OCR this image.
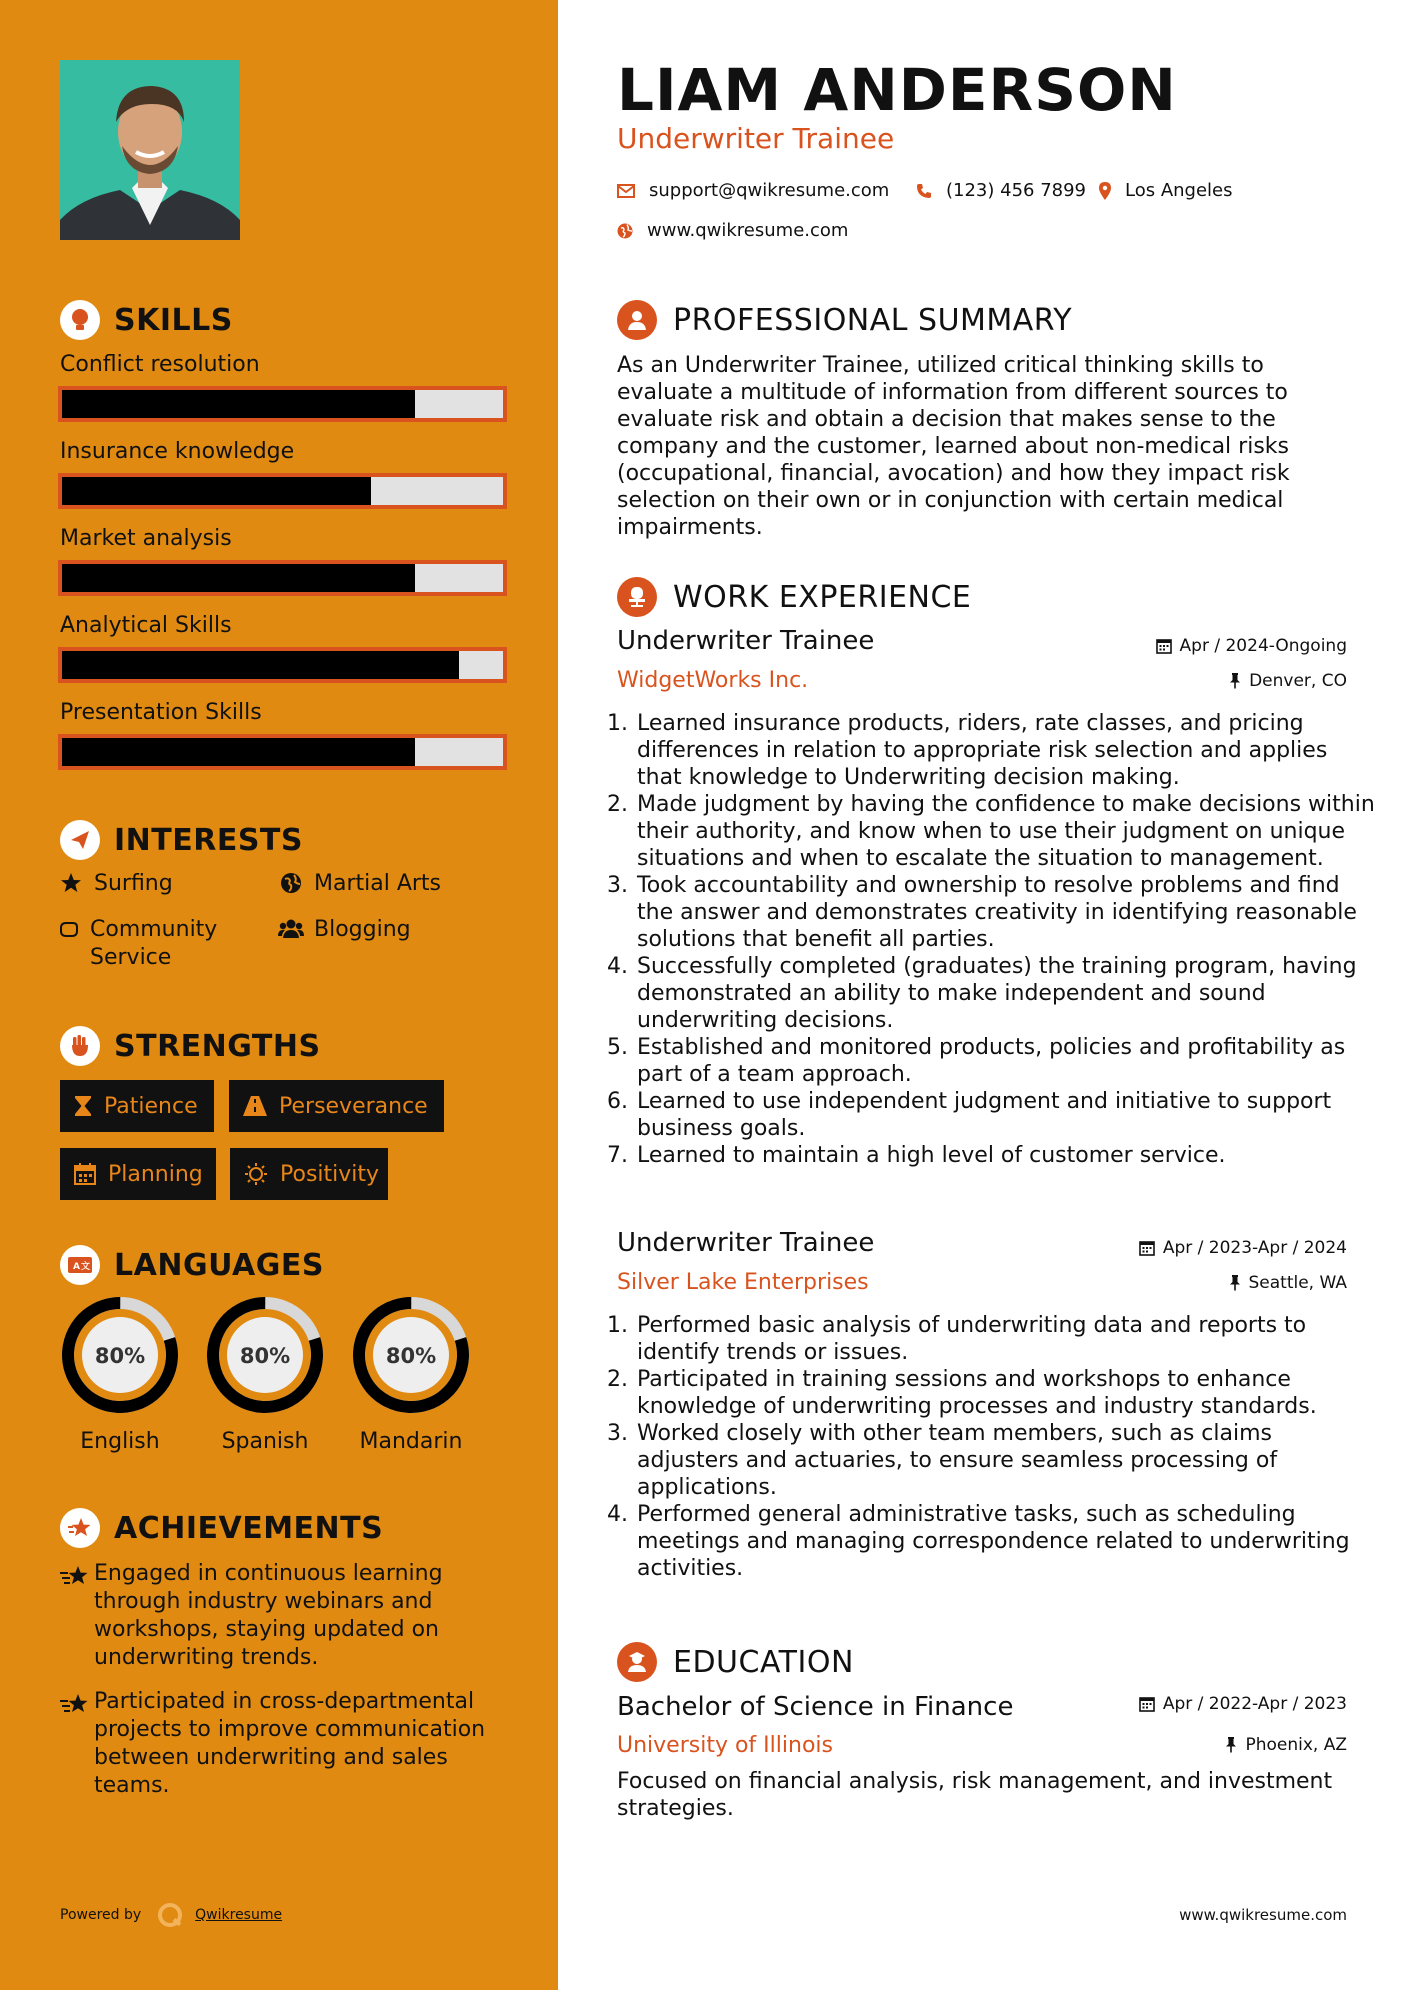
SKILLS
Conflict resolution
Insurance knowledge
Market analysis
Analytical Skills
Presentation Skills
INTERESTS
Surfing	Martial Arts
Community Service
Blogging
STRENGTHS
Patience	Perseverance
Planning	Positivity
A 文 LANGUAGES
80%
English
80%
Spanish
80%
Mandarin
ACHIEVEMENTS
Engaged in continuous learning through industry webinars and workshops, staying updated on underwriting trends.
Participated in cross-departmental projects to improve communication between underwriting and sales teams.
Powered by	Qwikresume
LIAM ANDERSON
Underwriter Trainee
support@qwikresume.com	(123) 456 7899 Los Angeles
www.qwikresume.com
PROFESSIONAL SUMMARY
As an Underwriter Trainee, utilized critical thinking skills to evaluate a multitude of information from different sources to evaluate risk and obtain a decision that makes sense to the company and the customer, learned about non-medical risks (occupational, financial, avocation) and how they impact risk selection on their own or in conjunction with certain medical impairments.
WORK EXPERIENCE
Underwriter Trainee	Apr / 2024-Ongoing
WidgetWorks Inc.	Denver, CO
1. Learned insurance products, riders, rate classes, and pricing differences in relation to appropriate risk selection and applies that knowledge to Underwriting decision making.
2. Made judgment by having the confidence to make decisions within their authority, and know when to use their judgment on unique situations and when to escalate the situation to management.
3. Took accountability and ownership to resolve problems and find the answer and demonstrates creativity in identifying reasonable solutions that benefit all parties.
4. Successfully completed (graduates) the training program, having demonstrated an ability to make independent and sound underwriting decisions.
5. Established and monitored products, policies and profitability as part of a team approach.
6. Learned to use independent judgment and initiative to support business goals.
7. Learned to maintain a high level of customer service.
Underwriter Trainee	Apr / 2023-Apr / 2024
Silver Lake Enterprises	Seattle, WA
1. Performed basic analysis of underwriting data and reports to identify trends or issues.
2. Participated in training sessions and workshops to enhance knowledge of underwriting processes and industry standards.
3. Worked closely with other team members, such as claims adjusters and actuaries, to ensure seamless processing of applications.
4. Performed general administrative tasks, such as scheduling meetings and managing correspondence related to underwriting activities.
EDUCATION
Bachelor of Science in Finance	Apr / 2022-Apr / 2023
University of Illinois	Phoenix, AZ
Focused on financial analysis, risk management, and investment strategies.
www.qwikresume.com
